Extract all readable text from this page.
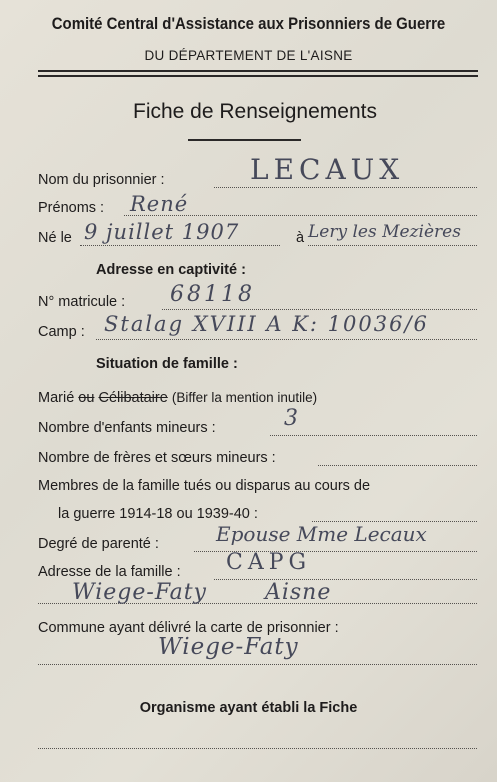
Comité Central d'Assistance aux Prisonniers de Guerre
DU DÉPARTEMENT DE L'AISNE
Fiche de Renseignements
Nom du prisonnier :	LECAUX
Prénoms : René
Né le 9 juillet 1907	à Lery les Mezières
Adresse en captivité :
N° matricule : 68118
Camp : Stalag XVIII A K: 10036/6
Situation de famille :
Marié ou Célibataire (Biffer la mention inutile)
Nombre d'enfants mineurs :	3
Nombre de frères et sœurs mineurs :
Membres de la famille tués ou disparus au cours de
la guerre 1914-18 ou 1939-40 :
Degré de parenté :	Epouse Mme Lecaux
Adresse de la famille : CAPG
Wiege-Faty Aisne
Commune ayant délivré la carte de prisonnier :
Wiege-Faty
Organisme ayant établi la Fiche
